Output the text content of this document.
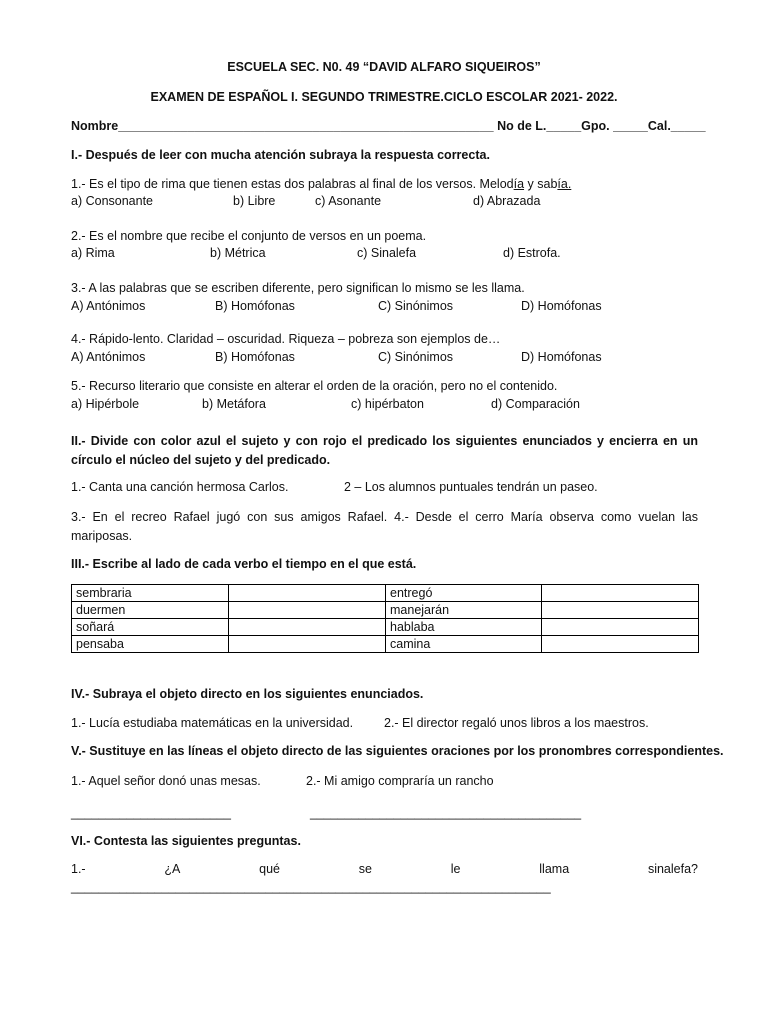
ESCUELA SEC. N0. 49 “DAVID ALFARO SIQUEIROS”
EXAMEN DE ESPAÑOL I. SEGUNDO TRIMESTRE.CICLO ESCOLAR 2021- 2022.
Nombre______________________________________________________ No de L._____Gpo. _____Cal._____
I.- Después de leer con mucha atención subraya la respuesta correcta.
1.- Es el tipo de rima que tienen estas dos palabras al final de los versos. Melodía y sabía.
a) Consonante	b) Libre	c) Asonante	d) Abrazada
2.- Es el nombre que recibe el conjunto de versos en un poema.
a) Rima	b) Métrica	c) Sinalefa	d) Estrofa.
3.- A las palabras que se escriben diferente, pero significan lo mismo se les llama.
A) Antónimos	B) Homófonas	C) Sinónimos	D) Homófonas
4.- Rápido-lento. Claridad – oscuridad. Riqueza – pobreza son ejemplos de…
A) Antónimos	B) Homófonas	C) Sinónimos	D) Homófonas
5.- Recurso literario que consiste en alterar el orden de la oración, pero no el contenido.
a) Hipérbole	b) Metáfora	c) hipérbaton	d) Comparación
II.- Divide con color azul el sujeto y con rojo el predicado los siguientes enunciados y encierra en un círculo el núcleo del sujeto y del predicado.
1.- Canta una canción hermosa Carlos.	2 – Los alumnos puntuales tendrán un paseo.
3.- En el recreo Rafael jugó con sus amigos Rafael. 4.- Desde el cerro María observa como vuelan las mariposas.
III.- Escribe al lado de cada verbo el tiempo en el que está.
sembraria		entregó	
duermen		manejarán	
soñará		hablaba	
pensaba		camina	
IV.- Subraya el objeto directo en los siguientes enunciados.
1.- Lucía estudiaba matemáticas en la universidad. 2.- El director regaló unos libros a los maestros.
V.- Sustituye en las líneas el objeto directo de las siguientes oraciones por los pronombres correspondientes.
1.- Aquel señor donó unas mesas.	2.- Mi amigo compraría un rancho
_______________________	_______________________________________
VI.- Contesta las siguientes preguntas.
1.-	¿A	qué	se	le	llama	sinalefa?
_____________________________________________________________________
